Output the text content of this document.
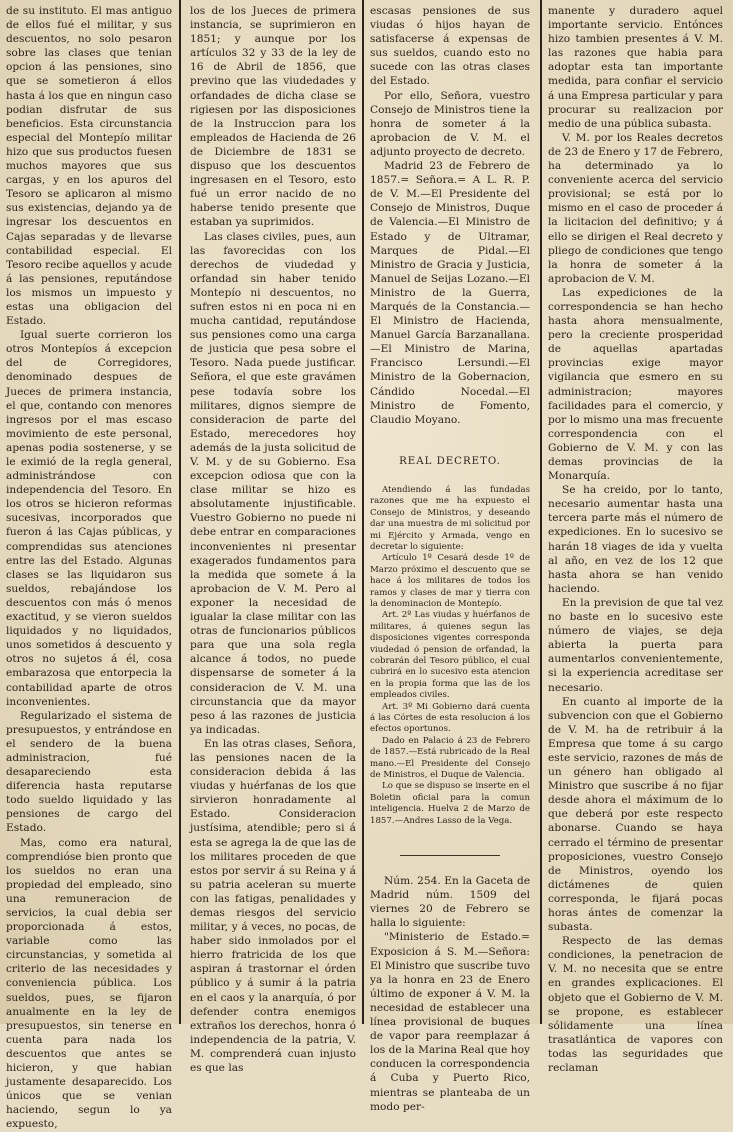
de su instituto. El mas antiguo de ellos fué el militar, y sus descuentos, no solo pesaron sobre las clases que tenian opcion á las pensiones, sino que se sometieron á ellos hasta á los que en ningun caso podian disfrutar de sus beneficios. Esta circunstancia especial del Montepío militar hizo que sus productos fuesen muchos mayores que sus cargas, y en los apuros del Tesoro se aplicaron al mismo sus existencias, dejando ya de ingresar los descuentos en Cajas separadas y de llevarse contabilidad especial. El Tesoro recibe aquellos y acude á las pensiones, reputándose los mismos un impuesto y estas una obligacion del Estado.

Igual suerte corrieron los otros Montepíos á excepcion del de Corregidores, denominado despues de Jueces de primera instancia, el que, contando con menores ingresos por el mas escaso movimiento de este personal, apenas podia sostenerse, y se le eximió de la regla general, administrándose con independencia del Tesoro. En los otros se hicieron reformas sucesivas, incorporados que fueron á las Cajas públicas, y comprendidas sus atenciones entre las del Estado. Algunas clases se las liquidaron sus sueldos, rebajándose los descuentos con más ó menos exactitud, y se vieron sueldos liquidados y no liquidados, unos sometidos á descuento y otros no sujetos á él, cosa embarazosa que entorpecia la contabilidad aparte de otros inconvenientes.

Regularizado el sistema de presupuestos, y entrándose en el sendero de la buena administracion, fué desapareciendo esta diferencia hasta reputarse todo sueldo liquidado y las pensiones de cargo del Estado.

Mas, como era natural, comprendióse bien pronto que los sueldos no eran una propiedad del empleado, sino una remuneracion de servicios, la cual debia ser proporcionada á estos, variable como las circunstancias, y sometida al criterio de las necesidades y conveniencia pública. Los sueldos, pues, se fijaron anualmente en la ley de presupuestos, sin tenerse en cuenta para nada los descuentos que antes se hicieron, y que habian justamente desaparecido. Los únicos que se venian haciendo, segun lo ya expuesto,

los de los Jueces de primera instancia, se suprimieron en 1851; y aunque por los artículos 32 y 33 de la ley de 16 de Abril de 1856, que previno que las viudedades y orfandades de dicha clase se rigiesen por las disposiciones de la Instruccion para los empleados de Hacienda de 26 de Diciembre de 1831 se dispuso que los descuentos ingresasen en el Tesoro, esto fué un error nacido de no haberse tenido presente que estaban ya suprimidos.

Las clases civiles, pues, aun las favorecidas con los derechos de viudedad y orfandad sin haber tenido Montepío ni descuentos, no sufren estos ni en poca ni en mucha cantidad, reputándose sus pensiones como una carga de justicia que pesa sobre el Tesoro. Nada puede justificar. Señora, el que este gravámen pese todavía sobre los militares, dignos siempre de consideracion de parte del Estado, merecedores hoy además de la justa solicitud de V. M. y de su Gobierno. Esa excepcion odiosa que con la clase militar se hizo es absolutamente injustificable. Vuestro Gobierno no puede ni debe entrar en comparaciones inconvenientes ni presentar exagerados fundamentos para la medida que somete á la aprobacion de V. M. Pero al exponer la necesidad de igualar la clase militar con las otras de funcionarios públicos para que una sola regla alcance á todos, no puede dispensarse de someter á la consideracion de V. M. una circunstancia que da mayor peso á las razones de justicia ya indicadas.

En las otras clases, Señora, las pensiones nacen de la consideracion debida á las viudas y huérfanas de los que sirvieron honradamente al Estado. Consideracion justísima, atendible; pero si á esta se agrega la de que las de los militares proceden de que estos por servir á su Reina y á su patria aceleran su muerte con las fatigas, penalidades y demas riesgos del servicio militar, y á veces, no pocas, de haber sido inmolados por el hierro fratricida de los que aspiran á trastornar el órden público y á sumir á la patria en el caos y la anarquía, ó por defender contra enemigos extraños los derechos, honra ó independencia de la patria, V. M. comprenderá cuan injusto es que las

escasas pensiones de sus viudas ó hijos hayan de satisfacerse á expensas de sus sueldos, cuando esto no sucede con las otras clases del Estado.

Por ello, Señora, vuestro Consejo de Ministros tiene la honra de someter á la aprobacion de V. M. el adjunto proyecto de decreto.

Madrid 23 de Febrero de 1857.= Señora.= A L. R. P. de V. M.—El Presidente del Consejo de Ministros, Duque de Valencia.—El Ministro de Estado y de Ultramar, Marques de Pidal.—El Ministro de Gracia y Justicia, Manuel de Seijas Lozano.—El Ministro de la Guerra, Marqués de la Constancia.—El Ministro de Hacienda, Manuel García Barzanallana.—El Ministro de Marina, Francisco Lersundi.—El Ministro de la Gobernacion, Cándido Nocedal.—El Ministro de Fomento, Claudio Moyano.

REAL DECRETO.

Atendiendo á las fundadas razones que me ha expuesto el Consejo de Ministros, y deseando dar una muestra de mi solicitud por mi Ejército y Armada, vengo en decretar lo siguiente:

Artículo 1º Cesará desde 1º de Marzo próximo el descuento que se hace á los militares de todos los ramos y clases de mar y tierra con la denominacion de Montepío.

Art. 2º Las viudas y huérfanos de militares, á quienes segun las disposiciones vigentes corresponda viudedad ó pension de orfandad, la cobrarán del Tesoro público, el cual cubrirá en lo sucesivo esta atencion en la propia forma que las de los empleados civiles.

Art. 3º Mi Gobierno dará cuenta á las Córtes de esta resolucion á los efectos oportunos.

Dado en Palacio á 23 de Febrero de 1857.—Está rubricado de la Real mano.—El Presidente del Consejo de Ministros, el Duque de Valencia.

Lo que se dispuso se inserte en el Boletin oficial para la comun inteligencia. Huelva 2 de Marzo de 1857.—Andres Lasso de la Vega.

Núm. 254. En la Gaceta de Madrid núm. 1509 del viernes 20 de Febrero se halla lo siguiente:

"Ministerio de Estado.= Exposicion á S. M.—Señora: El Ministro que suscribe tuvo ya la honra en 23 de Enero último de exponer á V. M. la necesidad de establecer una línea provisional de buques de vapor para reemplazar á los de la Marina Real que hoy conducen la correspondencia á Cuba y Puerto Rico, mientras se planteaba de un modo per-

manente y duradero aquel importante servicio. Entónces hizo tambien presentes á V. M. las razones que habia para adoptar esta tan importante medida, para confiar el servicio á una Empresa particular y para procurar su realizacion por medio de una pública subasta.

V. M. por los Reales decretos de 23 de Enero y 17 de Febrero, ha determinado ya lo conveniente acerca del servicio provisional; se está por lo mismo en el caso de proceder á la licitacion del definitivo; y á ello se dirigen el Real decreto y pliego de condiciones que tengo la honra de someter á la aprobacion de V. M.

Las expediciones de la correspondencia se han hecho hasta ahora mensualmente, pero la creciente prosperidad de aquellas apartadas provincias exige mayor vigilancia que esmero en su administracion; mayores facilidades para el comercio, y por lo mismo una mas frecuente correspondencia con el Gobierno de V. M. y con las demas provincias de la Monarquía.

Se ha creido, por lo tanto, necesario aumentar hasta una tercera parte más el número de expediciones. En lo sucesivo se harán 18 viages de ida y vuelta al año, en vez de los 12 que hasta ahora se han venido haciendo.

En la prevision de que tal vez no baste en lo sucesivo este número de viajes, se deja abierta la puerta para aumentarlos convenientemente, si la experiencia acreditase ser necesario.

En cuanto al importe de la subvencion con que el Gobierno de V. M. ha de retribuir á la Empresa que tome á su cargo este servicio, razones de más de un género han obligado al Ministro que suscribe á no fijar desde ahora el máximum de lo que deberá por este respecto abonarse. Cuando se haya cerrado el término de presentar proposiciones, vuestro Consejo de Ministros, oyendo los dictámenes de quien corresponda, le fijará pocas horas ántes de comenzar la subasta.

Respecto de las demas condiciones, la penetracion de V. M. no necesita que se entre en grandes explicaciones. El objeto que el Gobierno de V. M. se propone, es establecer sólidamente una línea trasatlántica de vapores con todas las seguridades que reclaman
